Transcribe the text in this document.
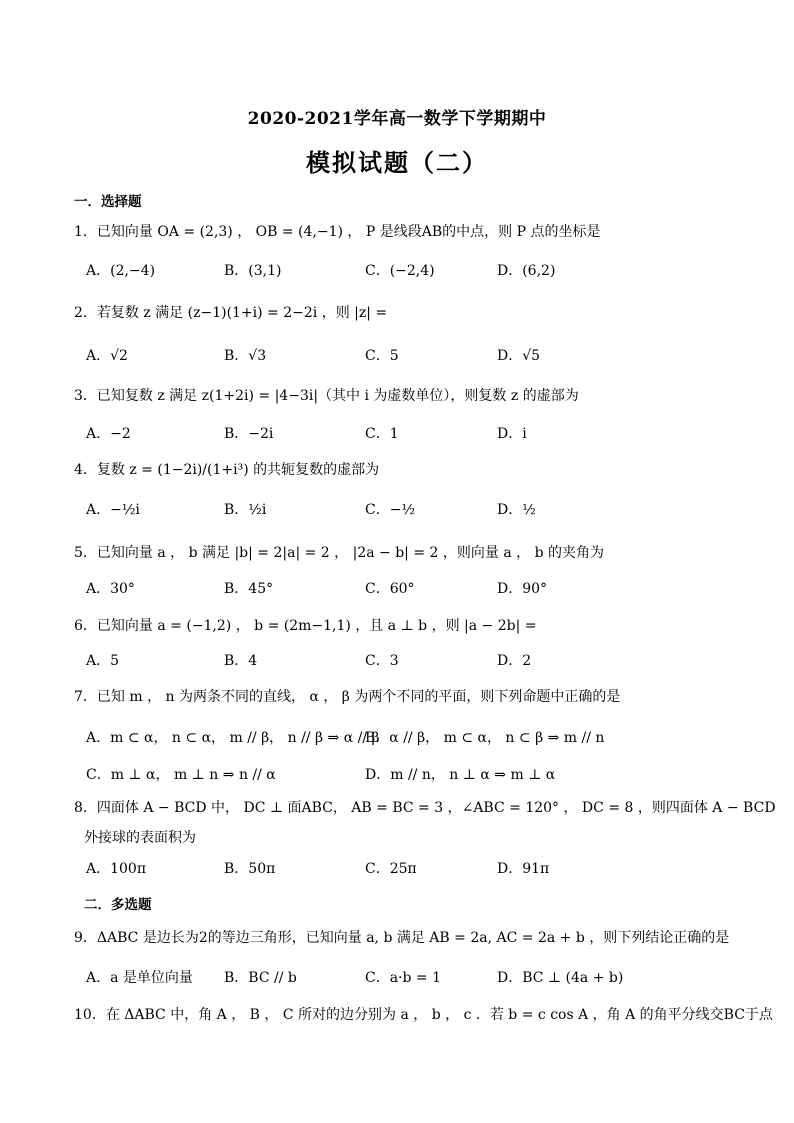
2020-2021学年高一数学下学期期中
模拟试题（二）
一．选择题
1．已知向量 OA = (2,3) ， OB = (4,−1) ， P 是线段AB的中点，则 P 点的坐标是
A．(2,−4)	B．(3,1)	C．(−2,4)	D．(6,2)
2．若复数 z 满足 (z−1)(1+i) = 2−2i ，则 |z| =
A．√2	B．√3	C．5	D．√5
3．已知复数 z 满足 z(1+2i) = |4−3i|（其中 i 为虚数单位），则复数 z 的虚部为
A．−2	B．−2i	C．1	D．i
4．复数 z = (1−2i)/(1+i³) 的共轭复数的虚部为
A．−½i	B．½i	C．−½	D．½
5．已知向量 a ， b 满足 |b| = 2|a| = 2 ， |2a − b| = 2 ，则向量 a ， b 的夹角为
A．30°	B．45°	C．60°	D．90°
6．已知向量 a = (−1,2) ， b = (2m−1,1) ，且 a ⊥ b ，则 |a − 2b| =
A．5	B．4	C．3	D．2
7．已知 m ， n 为两条不同的直线， α ， β 为两个不同的平面，则下列命题中正确的是
A．m ⊂ α， n ⊂ α， m // β， n // β ⇒ α // β
B．α // β， m ⊂ α， n ⊂ β ⇒ m // n
C．m ⊥ α， m ⊥ n ⇒ n // α	D．m // n， n ⊥ α ⇒ m ⊥ α
8．四面体 A − BCD 中， DC ⊥ 面ABC， AB = BC = 3 ，∠ABC = 120° ， DC = 8 ，则四面体 A − BCD
外接球的表面积为
A．100π	B．50π	C．25π	D．91π
二．多选题
9．ΔABC 是边长为2的等边三角形，已知向量 a, b 满足 AB = 2a, AC = 2a + b ，则下列结论正确的是
A．a 是单位向量 B．BC // b	C．a·b = 1	D．BC ⊥ (4a + b)
10．在 ΔABC 中，角 A ， B ， C 所对的边分别为 a ， b ， c ．若 b = c cos A ，角 A 的角平分线交BC于点
